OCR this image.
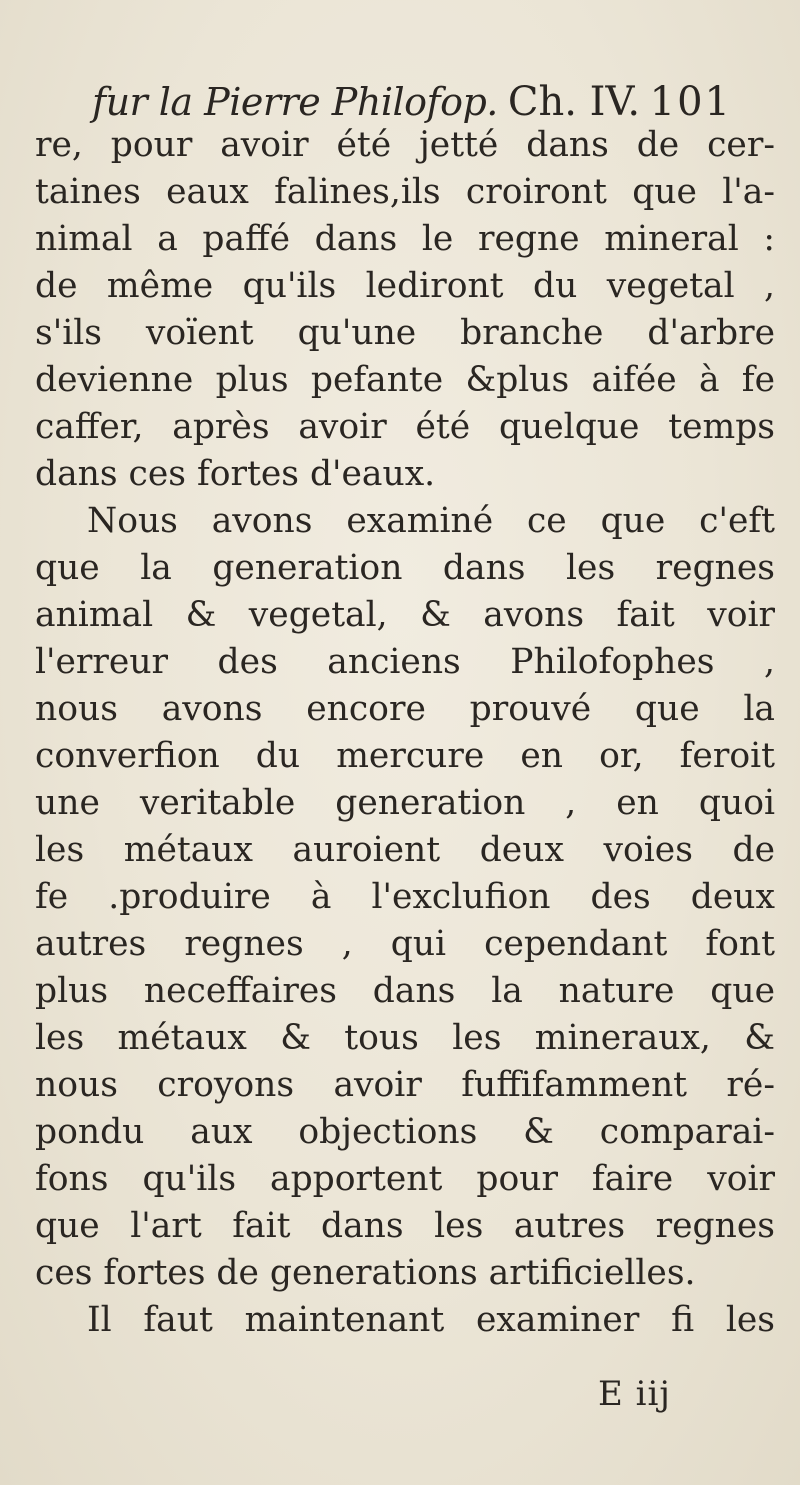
fur la Pierre Philofop. Ch. IV. 101
re, pour avoir été jetté dans de cer-
taines eaux falines,ils croiront que l'a-
nimal a paffé dans le regne mineral :
de même qu'ils lediront du vegetal ,
s'ils voïent qu'une branche d'arbre
devienne plus pefante &plus aifée à fe
caffer, après avoir été quelque temps
dans ces fortes d'eaux.
Nous avons examiné ce que c'eft
que la generation dans les regnes
animal & vegetal, & avons fait voir
l'erreur des anciens Philofophes ,
nous avons encore prouvé que la
converfion du mercure en or, feroit
une veritable generation , en quoi
les métaux auroient deux voies de
fe .produire à l'exclufion des deux
autres regnes , qui cependant font
plus neceffaires dans la nature que
les métaux & tous les mineraux, &
nous croyons avoir fuffifamment ré-
pondu aux objections & comparai-
fons qu'ils apportent pour faire voir
que l'art fait dans les autres regnes
ces fortes de generations artificielles.
Il faut maintenant examiner fi les
E iij
